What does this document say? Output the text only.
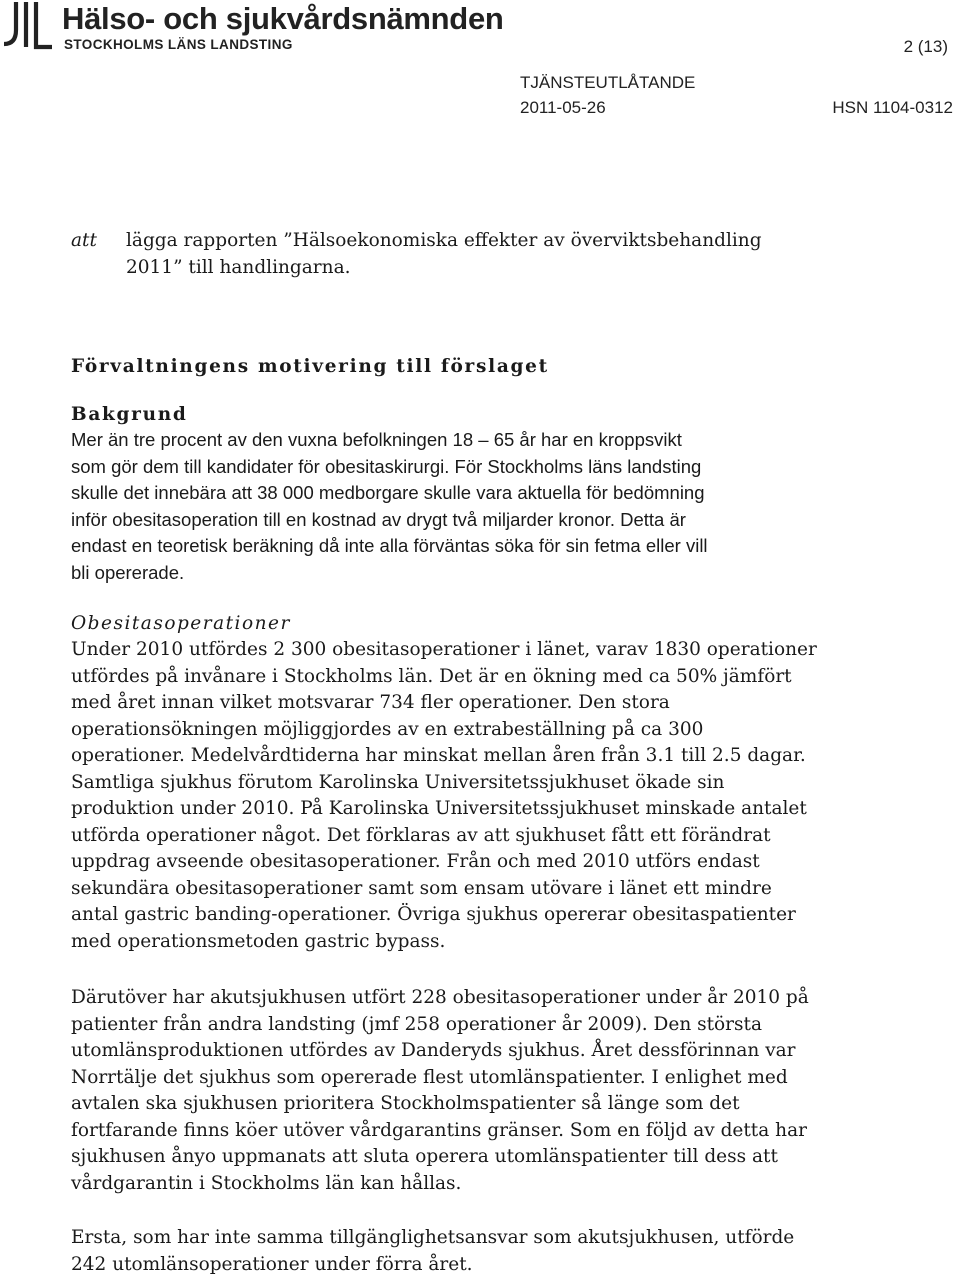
Hälso- och sjukvårdsnämnden
STOCKHOLMS LÄNS LANDSTING	2 (13)
TJÄNSTEUTLÅTANDE
2011-05-26	HSN 1104-0312
att lägga rapporten ”Hälsoekonomiska effekter av överviktsbehandling
2011” till handlingarna.
Förvaltningens motivering till förslaget
Bakgrund
Mer än tre procent av den vuxna befolkningen 18 – 65 år har en kroppsvikt
som gör dem till kandidater för obesitaskirurgi. För Stockholms läns landsting
skulle det innebära att 38 000 medborgare skulle vara aktuella för bedömning
inför obesitasoperation till en kostnad av drygt två miljarder kronor. Detta är
endast en teoretisk beräkning då inte alla förväntas söka för sin fetma eller vill
bli opererade.
Obesitasoperationer
Under 2010 utfördes 2 300 obesitasoperationer i länet, varav 1830 operationer
utfördes på invånare i Stockholms län. Det är en ökning med ca 50% jämfört
med året innan vilket motsvarar 734 fler operationer. Den stora
operationsökningen möjliggjordes av en extrabeställning på ca 300
operationer. Medelvårdtiderna har minskat mellan åren från 3.1 till 2.5 dagar.
Samtliga sjukhus förutom Karolinska Universitetssjukhuset ökade sin
produktion under 2010. På Karolinska Universitetssjukhuset minskade antalet
utförda operationer något. Det förklaras av att sjukhuset fått ett förändrat
uppdrag avseende obesitasoperationer. Från och med 2010 utförs endast
sekundära obesitasoperationer samt som ensam utövare i länet ett mindre
antal gastric banding-operationer. Övriga sjukhus opererar obesitaspatienter
med operationsmetoden gastric bypass.
Därutöver har akutsjukhusen utfört 228 obesitasoperationer under år 2010 på
patienter från andra landsting (jmf 258 operationer år 2009). Den största
utomlänsproduktionen utfördes av Danderyds sjukhus. Året dessförinnan var
Norrtälje det sjukhus som opererade flest utomlänspatienter. I enlighet med
avtalen ska sjukhusen prioritera Stockholmspatienter så länge som det
fortfarande finns köer utöver vårdgarantins gränser. Som en följd av detta har
sjukhusen ånyo uppmanats att sluta operera utomlänspatienter till dess att
vårdgarantin i Stockholms län kan hållas.
Ersta, som har inte samma tillgänglighetsansvar som akutsjukhusen, utförde
242 utomlänsoperationer under förra året.
